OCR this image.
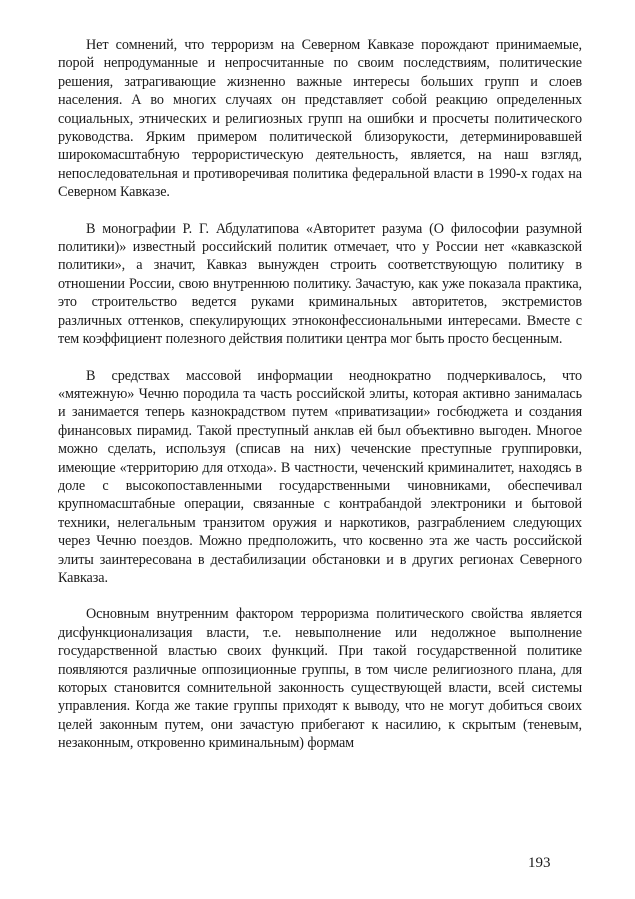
Нет сомнений, что терроризм на Северном Кавказе порождают принимаемые, порой непродуманные и непросчитанные по своим последствиям, политические решения, затрагивающие жизненно важные интересы больших групп и слоев населения. А во многих случаях он представляет собой реакцию определенных социальных, этнических и религиозных групп на ошибки и просчеты политического руководства. Ярким примером политической близорукости, детерминировавшей широкомасштабную террористическую деятельность, является, на наш взгляд, непоследовательная и противоречивая политика федеральной власти в 1990-х годах на Северном Кавказе.

В монографии Р. Г. Абдулатипова «Авторитет разума (О философии разумной политики)» известный российский политик отмечает, что у России нет «кавказской политики», а значит, Кавказ вынужден строить соответствующую политику в отношении России, свою внутреннюю политику. Зачастую, как уже показала практика, это строительство ведется руками криминальных авторитетов, экстремистов различных оттенков, спекулирующих этноконфессиональными интересами. Вместе с тем коэффициент полезного действия политики центра мог быть просто бесценным.

В средствах массовой информации неоднократно подчеркивалось, что «мятежную» Чечню породила та часть российской элиты, которая активно занималась и занимается теперь казнокрадством путем «приватизации» госбюджета и создания финансовых пирамид. Такой преступный анклав ей был объективно выгоден. Многое можно сделать, используя (списав на них) чеченские преступные группировки, имеющие «территорию для отхода». В частности, чеченский криминалитет, находясь в доле с высокопоставленными государственными чиновниками, обеспечивал крупномасштабные операции, связанные с контрабандой электроники и бытовой техники, нелегальным транзитом оружия и наркотиков, разграблением следующих через Чечню поездов. Можно предположить, что косвенно эта же часть российской элиты заинтересована в дестабилизации обстановки и в других регионах Северного Кавказа.

Основным внутренним фактором терроризма политического свойства является дисфункционализация власти, т.е. невыполнение или недолжное выполнение государственной властью своих функций. При такой государственной политике появляются различные оппозиционные группы, в том числе религиозного плана, для которых становится сомнительной законность существующей власти, всей системы управления. Когда же такие группы приходят к выводу, что не могут добиться своих целей законным путем, они зачастую прибегают к насилию, к скрытым (теневым, незаконным, откровенно криминальным) формам

193
